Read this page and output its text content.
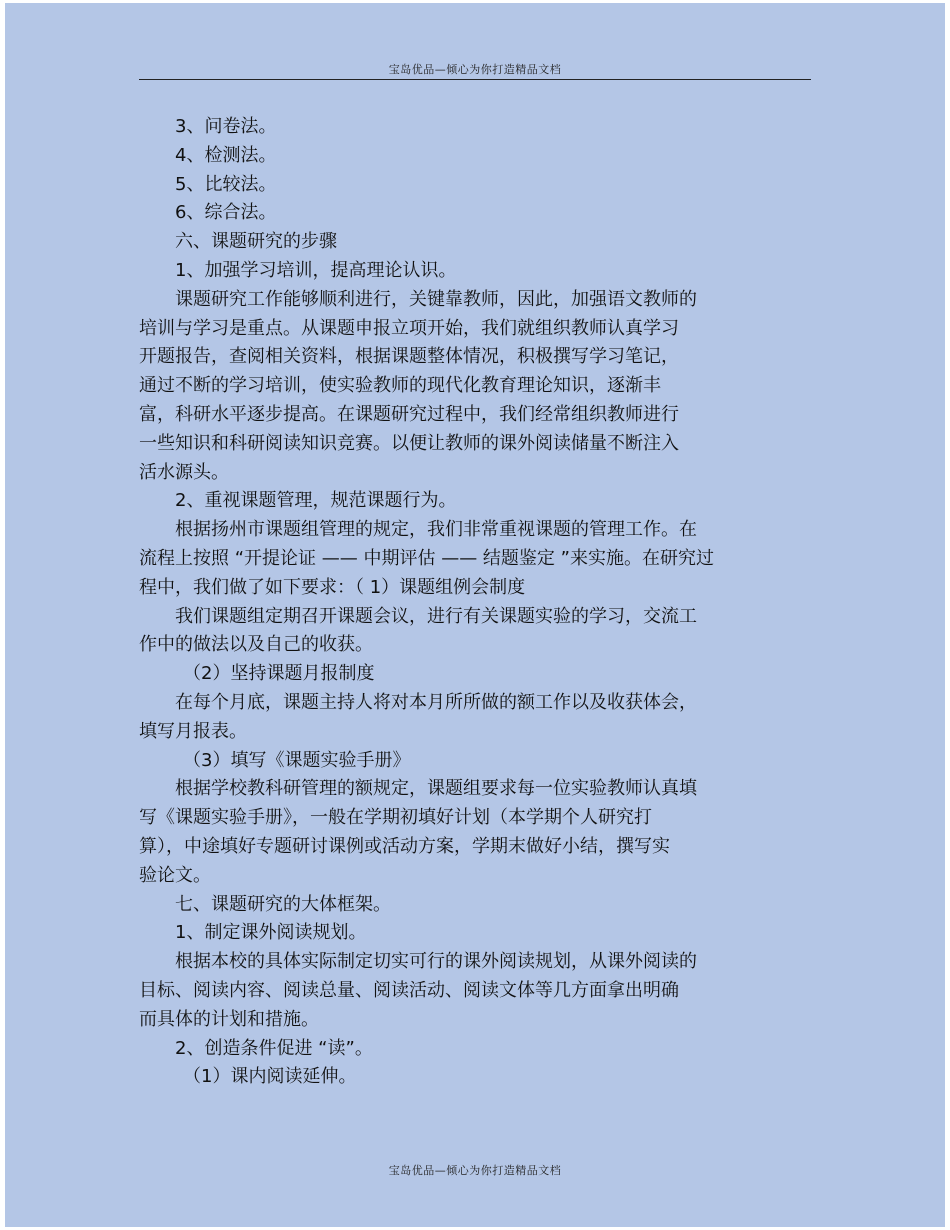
宝岛优品—倾心为你打造精品文档
3、问卷法。
4、检测法。
5、比较法。
6、综合法。
六、课题研究的步骤
1、加强学习培训，提高理论认识。
课题研究工作能够顺利进行，关键靠教师，因此，加强语文教师的
培训与学习是重点。从课题申报立项开始，我们就组织教师认真学习
开题报告，查阅相关资料，根据课题整体情况，积极撰写学习笔记，
通过不断的学习培训，使实验教师的现代化教育理论知识，逐渐丰
富，科研水平逐步提高。在课题研究过程中，我们经常组织教师进行
一些知识和科研阅读知识竞赛。以便让教师的课外阅读储量不断注入
活水源头。
2、重视课题管理，规范课题行为。
根据扬州市课题组管理的规定，我们非常重视课题的管理工作。在
流程上按照 “开提论证 —— 中期评估 —— 结题鉴定 ”来实施。在研究过
程中，我们做了如下要求：（ 1）课题组例会制度
我们课题组定期召开课题会议，进行有关课题实验的学习，交流工
作中的做法以及自己的收获。
（2）坚持课题月报制度
在每个月底，课题主持人将对本月所所做的额工作以及收获体会，
填写月报表。
（3）填写《课题实验手册》
根据学校教科研管理的额规定，课题组要求每一位实验教师认真填
写《课题实验手册》，一般在学期初填好计划（本学期个人研究打
算），中途填好专题研讨课例或活动方案，学期末做好小结，撰写实
验论文。
七、课题研究的大体框架。
1、制定课外阅读规划。
根据本校的具体实际制定切实可行的课外阅读规划，从课外阅读的
目标、阅读内容、阅读总量、阅读活动、阅读文体等几方面拿出明确
而具体的计划和措施。
2、创造条件促进 “读”。
（1）课内阅读延伸。
宝岛优品—倾心为你打造精品文档
